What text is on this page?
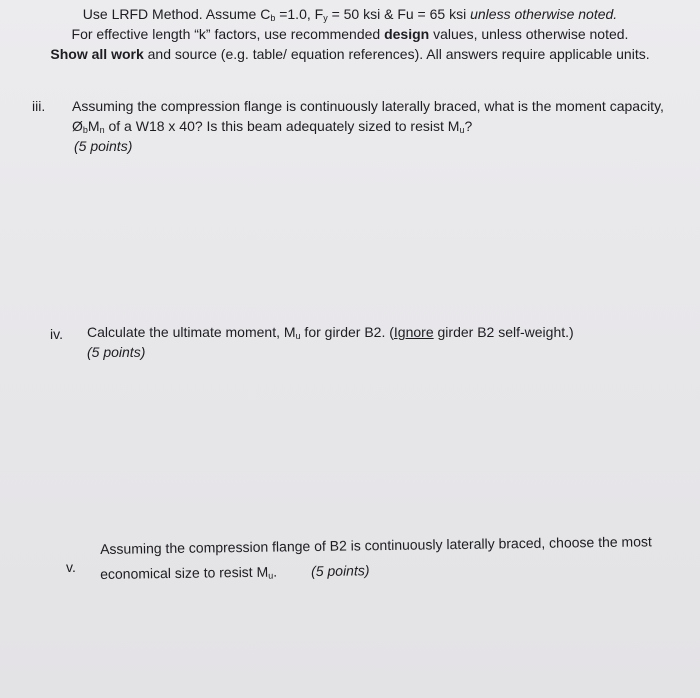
Use LRFD Method. Assume $C_b =1.0$, $F_y = 50$ ksi & Fu = 65 ksi unless otherwise noted.
For effective length “k” factors, use recommended design values, unless otherwise noted.
Show all work and source (e.g. table/ equation references). All answers require applicable units.
iii. Assuming the compression flange is continuously laterally braced, what is the moment capacity,
$Ø_bM_n$ of a W18 x 40? Is this beam adequately sized to resist $M_u$?
(5 points)
iv. Calculate the ultimate moment, $M_u$ for girder B2. (Ignore girder B2 self-weight.)
(5 points)
v.
Assuming the compression flange of B2 is continuously laterally braced, choose the most
economical size to resist $M_u$. (5 points)
